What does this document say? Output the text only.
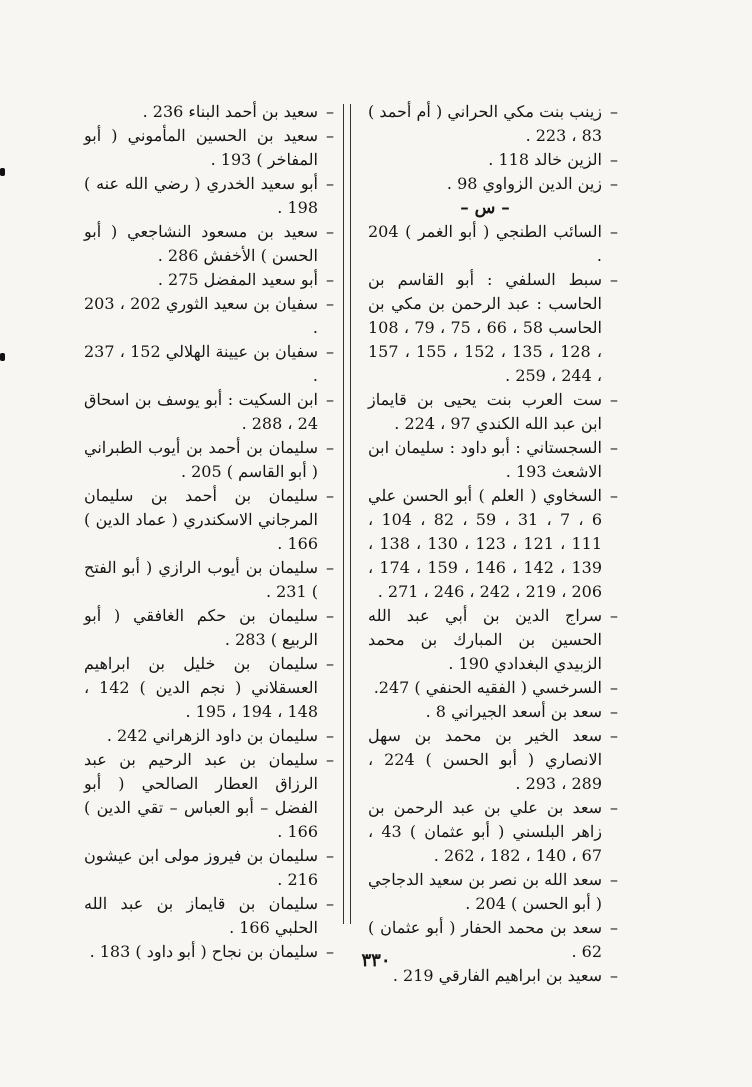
–
زينب بنت مكي الحراني ( أم أحمد ) 83 ، 223 .
–
الزين خالد 118 .
–
زين الدين الزواوي 98 .
– س –
–
السائب الطنجي ( أبو الغمر ) 204 .
–
سبط السلفي : أبو القاسم بن الحاسب : عبد الرحمن بن مكي بن الحاسب 58 ، 66 ، 75 ، 79 ، 108 ، 128 ، 135 ، 152 ، 155 ، 157 ، 244 ، 259 .
–
ست العرب بنت يحيى بن قايماز ابن عبد الله الكندي 97 ، 224 .
–
السجستاني : أبو داود : سليمان ابن الاشعث 193 .
–
السخاوي ( العلم ) أبو الحسن علي 6 ، 7 ، 31 ، 59 ، 82 ، 104 ، 111 ، 121 ، 123 ، 130 ، 138 ، 139 ، 142 ، 146 ، 159 ، 174 ، 206 ، 219 ، 242 ، 246 ، 271 .
–
سراج الدين بن أبي عبد الله الحسين بن المبارك بن محمد الزبيدي البغدادي 190 .
–
السرخسي ( الفقيه الحنفي ) 247.
–
سعد بن أسعد الجيراني 8 .
–
سعد الخير بن محمد بن سهل الانصاري ( أبو الحسن ) 224 ، 289 ، 293 .
–
سعد بن علي بن عبد الرحمن بن زاهر البلسني ( أبو عثمان ) 43 ، 67 ، 140 ، 182 ، 262 .
–
سعد الله بن نصر بن سعيد الدجاجي ( أبو الحسن ) 204 .
–
سعد بن محمد الحفار ( أبو عثمان ) 62 .
–
سعيد بن ابراهيم الفارقي 219 .
–
سعيد بن أحمد البناء 236 .
–
سعيد بن الحسين المأموني ( أبو المفاخر ) 193 .
–
أبو سعيد الخدري ( رضي الله عنه ) 198 .
–
سعيد بن مسعود النشاجعي ( أبو الحسن ) الأخفش 286 .
–
أبو سعيد المفضل 275 .
–
سفيان بن سعيد الثوري 202 ، 203 .
–
سفيان بن عيينة الهلالي 152 ، 237 .
–
ابن السكيت : أبو يوسف بن اسحاق 24 ، 288 .
–
سليمان بن أحمد بن أيوب الطبراني ( أبو القاسم ) 205 .
–
سليمان بن أحمد بن سليمان المرجاني الاسكندري ( عماد الدين ) 166 .
–
سليمان بن أيوب الرازي ( أبو الفتح ) 231 .
–
سليمان بن حكم الغافقي ( أبو الربيع ) 283 .
–
سليمان بن خليل بن ابراهيم العسقلاني ( نجم الدين ) 142 ، 148 ، 194 ، 195 .
–
سليمان بن داود الزهراني 242 .
–
سليمان بن عبد الرحيم بن عبد الرزاق العطار الصالحي ( أبو الفضل – أبو العباس – تقي الدين ) 166 .
–
سليمان بن فيروز مولى ابن عيشون 216 .
–
سليمان بن قايماز بن عبد الله الحلبي 166 .
–
سليمان بن نجاح ( أبو داود ) 183 .	٣٣٠
